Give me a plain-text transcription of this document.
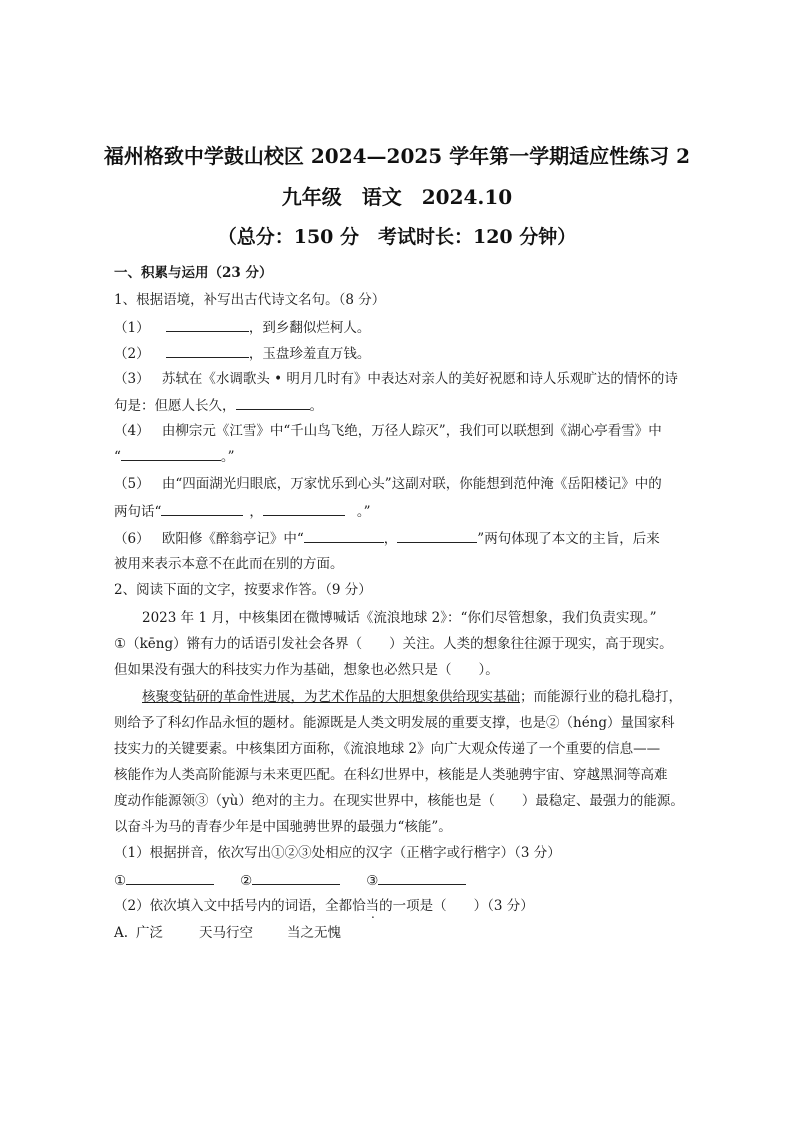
福州格致中学鼓山校区 2024—2025 学年第一学期适应性练习 2
九年级　语文　2024.10
（总分：150 分　考试时长：120 分钟）
一、积累与运用（23 分）
1、根据语境，补写出古代诗文名句。（8 分）
（1）	，到乡翻似烂柯人。
（2）	，玉盘珍羞直万钱。
（3） 苏轼在《水调歌头 • 明月几时有》中表达对亲人的美好祝愿和诗人乐观旷达的情怀的诗
句是：但愿人长久，	。
（4） 由柳宗元《江雪》中“千山鸟飞绝，万径人踪灭”，我们可以联想到《湖心亭看雪》中
“	。”
（5） 由“四面湖光归眼底，万家忧乐到心头”这副对联，你能想到范仲淹《岳阳楼记》中的
两句话“	，	。”
（6） 欧阳修《醉翁亭记》中“	，	”两句体现了本文的主旨，后来
被用来表示本意不在此而在别的方面。
2、阅读下面的文字，按要求作答。（9 分）
2023 年 1 月，中核集团在微博喊话《流浪地球 2》：“你们尽管想象，我们负责实现。”
①（kēng）锵有力的话语引发社会各界（　　）关注。人类的想象往往源于现实，高于现实。
但如果没有强大的科技实力作为基础，想象也必然只是（　　）。
核聚变钻研的革命性进展，为艺术作品的大胆想象供给现实基础；而能源行业的稳扎稳打，
则给予了科幻作品永恒的题材。能源既是人类文明发展的重要支撑，也是②（héng）量国家科
技实力的关键要素。中核集团方面称，《流浪地球 2》向广大观众传递了一个重要的信息——
核能作为人类高阶能源与未来更匹配。在科幻世界中，核能是人类驰骋宇宙、穿越黑洞等高难
度动作能源领③（yù）绝对的主力。在现实世界中，核能也是（　　）最稳定、最强力的能源。
以奋斗为马的青春少年是中国驰骋世界的最强力“核能”。
（1）根据拼音，依次写出①②③处相应的汉字（正楷字或行楷字）（3 分）
①	②	③
（2）依次填入文中括号内的词语，全都恰当的一项是（　　）（3 分）
A. 广泛	天马行空	当之无愧
